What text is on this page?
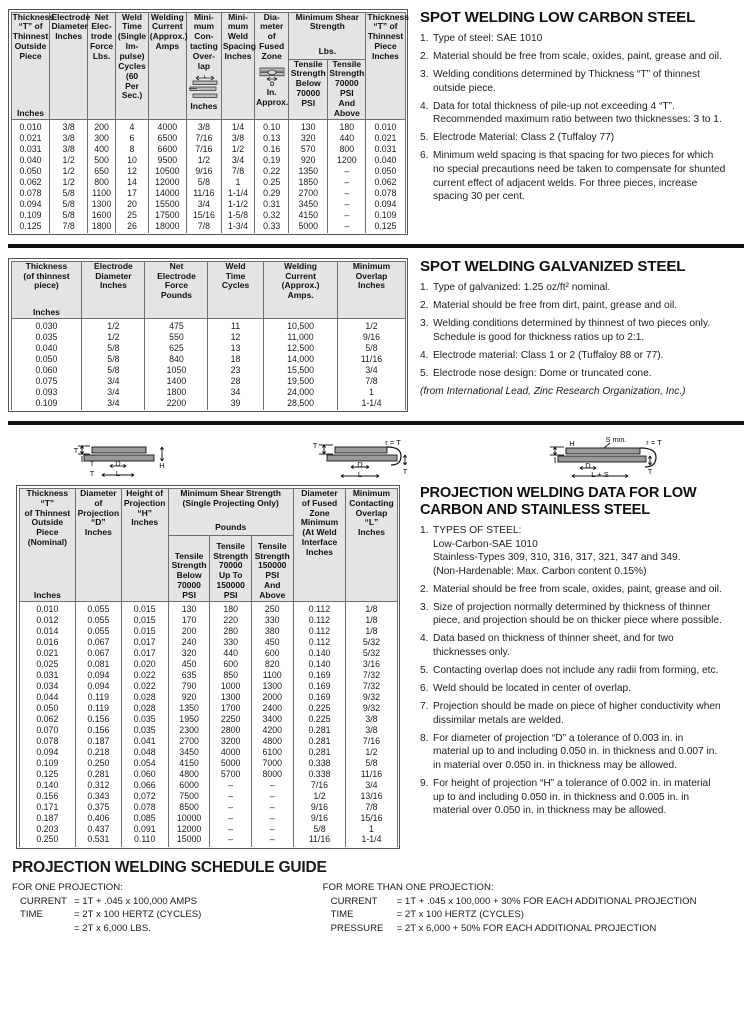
Thickness
“T” of
Thinnest
Outside
Piece
Inches

Electrode
Diameter
Inches

Net
Elec-
trode
Force
Lbs.

Weld
Time
(Single
Im-
pulse)
Cycles
(60
Per
Sec.)

Welding
Current
(Approx.)
Amps

Mini-
mum
Con-
tacting
Over-
lap
L
Inches

Mini-
mum
Weld
Spacing
Inches

Dia-
meter
of
Fused
Zone
D
In.
Approx.

Minimum Shear Strength
Lbs.

Thickness
“T” of
Thinnest
Piece
Inches

Tensile
Strength
Below
70000
PSI	Tensile
Strength
70000
PSI
And
Above
0.010	3/8	200	4	4000	3/8	1/4	0.10	130	180	0.010
0.021	3/8	300	6	6500	7/16	3/8	0.13	320	440	0.021
0.031	3/8	400	8	6600	7/16	1/2	0.16	570	800	0.031
0.040	1/2	500	10	9500	1/2	3/4	0.19	920	1200	0.040
0.050	1/2	650	12	10500	9/16	7/8	0.22	1350	–	0.050
0.062	1/2	800	14	12000	5/8	1	0.25	1850	–	0.062
0.078	5/8	1100	17	14000	11/16	1-1/4	0.29	2700	–	0.078
0.094	5/8	1300	20	15500	3/4	1-1/2	0.31	3450	–	0.094
0.109	5/8	1600	25	17500	15/16	1-5/8	0.32	4150	–	0.109
0.125	7/8	1800	26	18000	7/8	1-3/4	0.33	5000	–	0.125
SPOT WELDING LOW CARBON STEEL
1. Type of steel: SAE 1010
2. Material should be free from scale, oxides, paint, grease and oil.
3. Welding conditions determined by Thickness “T” of thinnest
outside piece.
4. Data for total thickness of pile-up not exceeding 4 “T”.
Recommended maximum ratio between two thicknesses: 3 to 1.
5. Electrode Material: Class 2 (Tuffaloy 77)
6. Minimum weld spacing is that spacing for two pieces for which
no special precautions need be taken to compensate for shunted
current effect of adjacent welds. For three pieces, increase
spacing 30 per cent.
Thickness
(of thinnest
piece)
Inches

Electrode
Diameter
Inches

Net
Electrode
Force
Pounds

Weld
Time
Cycles

Welding
Current
(Approx.)
Amps.

Minimum
Overlap
Inches

0.030	1/2	475	11	10,500	1/2
0.035	1/2	550	12	11,000	9/16
0.040	5/8	625	13	12,500	5/8
0.050	5/8	840	18	14,000	11/16
0.060	5/8	1050	23	15,500	3/4
0.075	3/4	1400	28	19,500	7/8
0.093	3/4	1800	34	24,000	1
0.109	3/4	2200	39	28,500	1-1/4
SPOT WELDING GALVANIZED STEEL
1. Type of galvanized: 1.25 oz/ft² nominal.
2. Material should be free from dirt, paint, grease and oil.
3. Welding conditions determined by thinnest of two pieces only.
Schedule is good for thickness ratios up to 2:1.
4. Electrode material: Class 1 or 2 (Tuffaloy 88 or 77).
5. Electrode nose design: Dome or truncated cone.
(from International Lead, Zinc Research Organization, Inc.)
T
T
T
D
L
H
T	r = T
D
L	T
H	S min.	r = T
D
L + S	T
Thickness “T”
of Thinnest
Outside Piece
(Nominal)
Inches

Diameter
of
Projection
“D”
Inches

Height of
Projection
“H”
Inches

Minimum Shear Strength
(Single Projecting Only)
Pounds

Diameter
of Fused
Zone
Minimum
(At Weld
Interface
Inches

Minimum
Contacting
Overlap
“L”
Inches

Tensile
Strength
Below
70000
PSI	Tensile
Strength
70000
Up To
150000
PSI	Tensile
Strength
150000
PSI
And
Above
0.010	0.055	0.015	130	180	250	0.112	1/8
0.012	0.055	0.015	170	220	330	0.112	1/8
0.014	0.055	0.015	200	280	380	0.112	1/8
0.016	0.067	0.017	240	330	450	0.112	5/32
0.021	0.067	0.017	320	440	600	0.140	5/32
0.025	0.081	0.020	450	600	820	0.140	3/16
0.031	0.094	0.022	635	850	1100	0.169	7/32
0.034	0.094	0.022	790	1000	1300	0.169	7/32
0.044	0.119	0.028	920	1300	2000	0.169	9/32
0.050	0.119	0.028	1350	1700	2400	0.225	9/32
0.062	0.156	0.035	1950	2250	3400	0.225	3/8
0.070	0.156	0.035	2300	2800	4200	0.281	3/8
0.078	0.187	0.041	2700	3200	4800	0.281	7/16
0.094	0.218	0.048	3450	4000	6100	0.281	1/2
0.109	0.250	0.054	4150	5000	7000	0.338	5/8
0.125	0.281	0.060	4800	5700	8000	0.338	11/16
0.140	0.312	0.066	6000	–	–	7/16	3/4
0.156	0.343	0.072	7500	–	–	1/2	13/16
0.171	0.375	0.078	8500	–	–	9/16	7/8
0.187	0.406	0.085	10000	–	–	9/16	15/16
0.203	0.437	0.091	12000	–	–	5/8	1
0.250	0.531	0.110	15000	–	–	11/16	1-1/4
PROJECTION WELDING DATA FOR LOW
CARBON AND STAINLESS STEEL
1. TYPES OF STEEL:
Low-Carbon-SAE 1010
Stainless-Types 309, 310, 316, 317, 321, 347 and 349.
(Non-Hardenable: Max. Carbon content 0.15%)
2. Material should be free from scale, oxides, paint, grease and oil.
3. Size of projection normally determined by thickness of thinner
piece, and projection should be on thicker piece where possible.
4. Data based on thickness of thinner sheet, and for two
thicknesses only.
5. Contacting overlap does not include any radii from forming, etc.
6. Weld should be located in center of overlap.
7. Projection should be made on piece of higher conductivity when
dissimilar metals are welded.
8. For diameter of projection “D” a tolerance of 0.003 in. in
material up to and including 0.050 in. in thickness and 0.007 in.
in material over 0.050 in. in thickness may be allowed.
9. For height of projection “H” a tolerance of 0.002 in. in material
up to and including 0.050 in. in thickness and 0.005 in. in
material over 0.050 in. in thickness may be allowed.
PROJECTION WELDING SCHEDULE GUIDE
FOR ONE PROJECTION:
CURRENT = 1T + .045 x 100,000 AMPS
TIME	= 2T x 100 HERTZ (CYCLES)
= 2T x 6,000 LBS.
FOR MORE THAN ONE PROJECTION:
CURRENT	= 1T + .045 x 100,000 + 30% FOR EACH ADDITIONAL PROJECTION
TIME	= 2T x 100 HERTZ (CYCLES)
PRESSURE	= 2T x 6,000 + 50% FOR EACH ADDITIONAL PROJECTION
